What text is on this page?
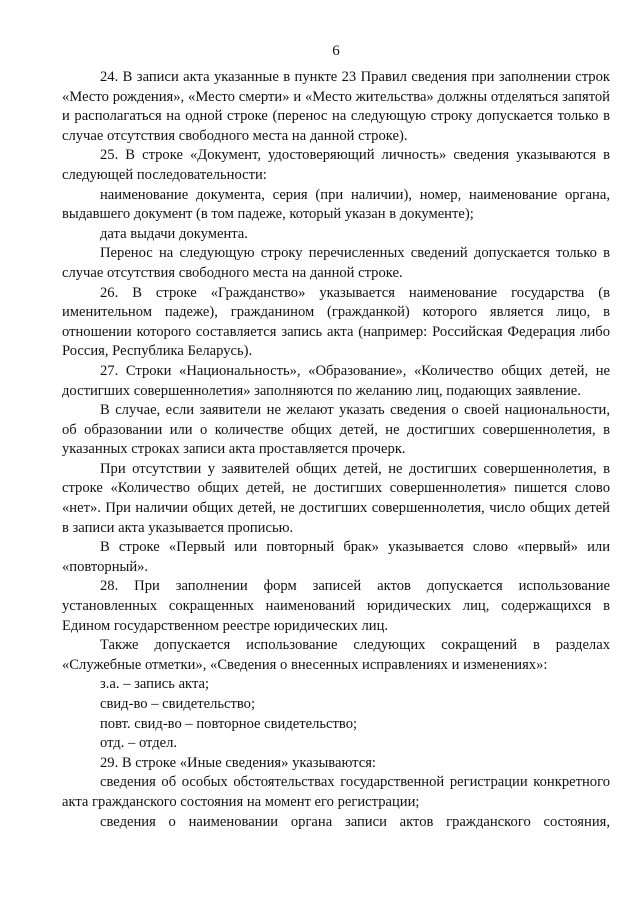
6

24. В записи акта указанные в пункте 23 Правил сведения при заполнении строк «Место рождения», «Место смерти» и «Место жительства» должны отделяться запятой и располагаться на одной строке (перенос на следующую строку допускается только в случае отсутствия свободного места на данной строке).

25. В строке «Документ, удостоверяющий личность» сведения указываются в следующей последовательности:

наименование документа, серия (при наличии), номер, наименование органа, выдавшего документ (в том падеже, который указан в документе);

дата выдачи документа.

Перенос на следующую строку перечисленных сведений допускается только в случае отсутствия свободного места на данной строке.

26. В строке «Гражданство» указывается наименование государства (в именительном падеже), гражданином (гражданкой) которого является лицо, в отношении которого составляется запись акта (например: Российская Федерация либо Россия, Республика Беларусь).

27. Строки «Национальность», «Образование», «Количество общих детей, не достигших совершеннолетия» заполняются по желанию лиц, подающих заявление.

В случае, если заявители не желают указать сведения о своей национальности, об образовании или о количестве общих детей, не достигших совершеннолетия, в указанных строках записи акта проставляется прочерк.

При отсутствии у заявителей общих детей, не достигших совершеннолетия, в строке «Количество общих детей, не достигших совершеннолетия» пишется слово «нет». При наличии общих детей, не достигших совершеннолетия, число общих детей в записи акта указывается прописью.

В строке «Первый или повторный брак» указывается слово «первый» или «повторный».

28. При заполнении форм записей актов допускается использование установленных сокращенных наименований юридических лиц, содержащихся в Едином государственном реестре юридических лиц.

Также допускается использование следующих сокращений в разделах «Служебные отметки», «Сведения о внесенных исправлениях и изменениях»:

з.а. – запись акта;

свид-во – свидетельство;

повт. свид-во – повторное свидетельство;

отд. – отдел.

29. В строке «Иные сведения» указываются:

сведения об особых обстоятельствах государственной регистрации конкретного акта гражданского состояния на момент его регистрации;

сведения о наименовании органа записи актов гражданского состояния,
